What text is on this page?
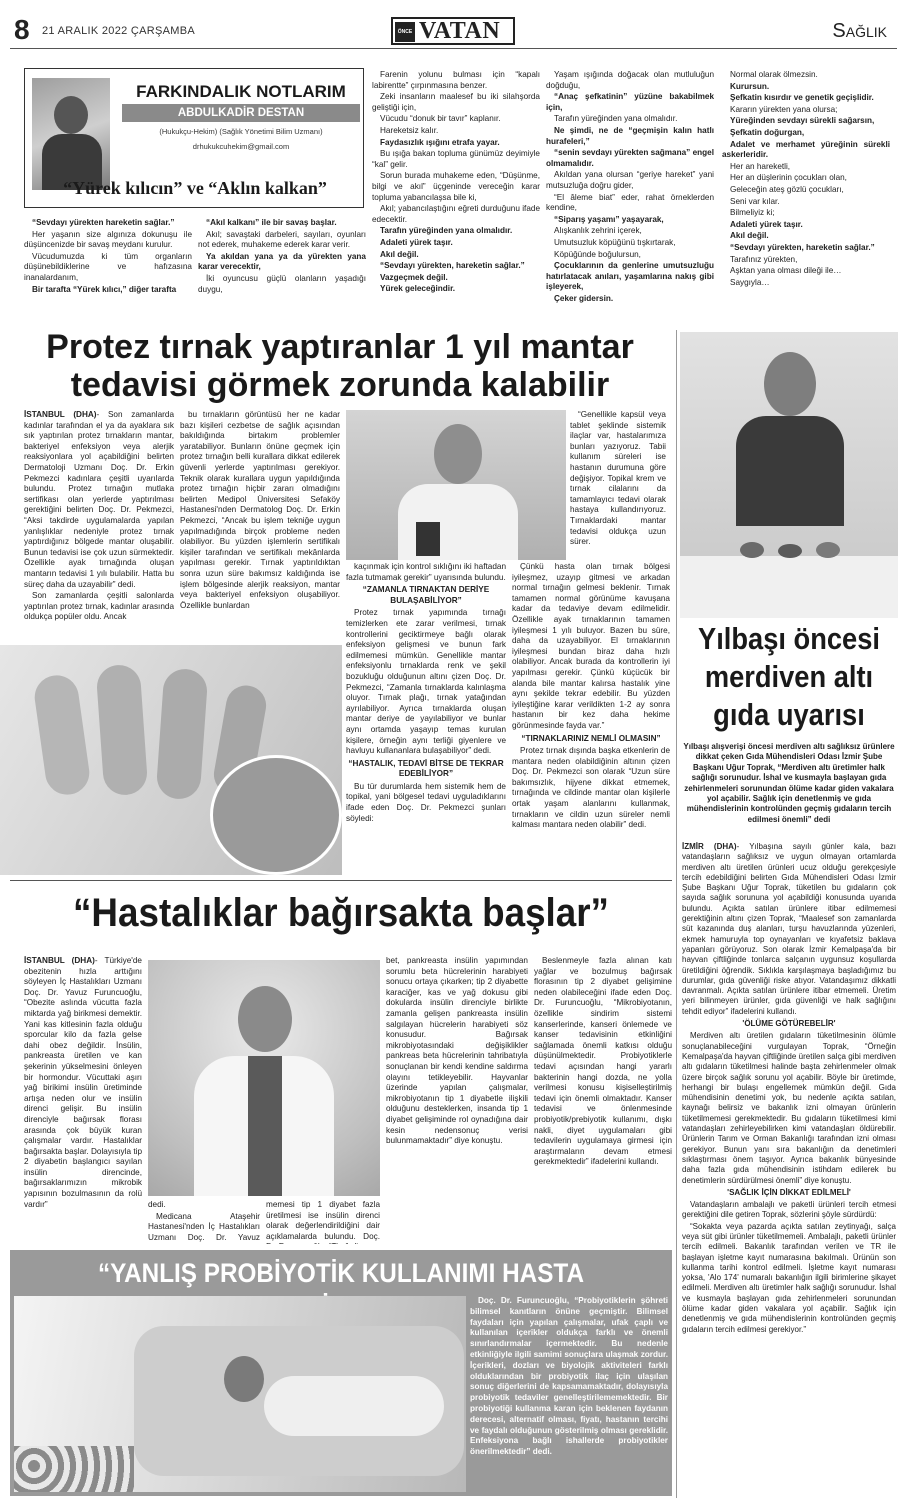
8 21 ARALIK 2022 ÇARŞAMBA	ÖNCE VATAN	Sağlık
FARKINDALIK NOTLARIM
ABDULKADİR DESTAN
(Hukukçu-Hekim) (Sağlık Yönetimi Bilim Uzmanı)
drhukukcuhekim@gmail.com
“Yürek kılıcın” ve “Aklın kalkan”

“Sevdayı yürekten hareketin sağlar.”

Her yaşanın size algınıza dokunuşu ile düşüncenizde bir savaş meydanı kurulur.

Vücudumuzda ki tüm organların düşünebildiklerine ve hafızasına inanalardanım,

Bir tarafta “Yürek kılıcı,” diğer tarafta

“Akıl kalkanı” ile bir savaş başlar.

Akıl; savaştaki darbeleri, sayıları, oyunları not ederek, muhakeme ederek karar verir.

Ya akıldan yana ya da yürekten yana karar verecektir,

İki oyuncusu güçlü olanların yaşadığı duygu,

Farenin yolunu bulması için “kapalı labirentte” çırpınmasına benzer.

Zeki insanların maalesef bu iki silahşorda geliştiği için,

Vücudu “donuk bir tavır” kaplanır.

Hareketsiz kalır.

Faydasızlık ışığını etrafa yayar.

Bu ışığa bakan topluma günümüz deyimiyle “kal” gelir.

Sorun burada muhakeme eden, “Düşünme, bilgi ve akıl” üçgeninde vereceğin karar topluma yabancılaşsa bile ki,

Akıl; yabancılaştığını eğreti durduğunu ifade edecektir.

Tarafın yüreğinden yana olmalıdır.

Adaleti yürek taşır.

Akıl değil.

“Sevdayı yürekten, hareketin sağlar.”

Vazgeçmek değil.

Yürek geleceğindir.

Yaşam ışığında doğacak olan mutluluğun doğduğu,

“Anaç şefkatinin” yüzüne bakabilmek için,

Tarafın yüreğinden yana olmalıdır.

Ne şimdi, ne de “geçmişin kalın hatlı hurafeleri,”

“senin sevdayı yürekten sağmana” engel olmamalıdır.

Akıldan yana olursan “geriye hareket” yani mutsuzluğa doğru gider,

“El âleme biat” eder, rahat örneklerden kendine,

“Siparış yaşamı” yaşayarak,

Alışkanlık zehrini içerek,

Umutsuzluk köpüğünü tışkırtarak,

Köpüğünde boğulursun,

Çocuklarının da genlerine umutsuzluğu hatırlatacak anıları, yaşamlarına nakış gibi işleyerek,

Çeker gidersin.

Normal olarak ölmezsin.

Kurursun.

Şefkatin kısırdır ve genetik geçişlidir.

Kararın yürekten yana olursa;

Yüreğinden sevdayı sürekli sağarsın,

Şefkatin doğurgan,

Adalet ve merhamet yüreğinin sürekli askerleridir.

Her an hareketli,

Her an düşlerinin çocukları olan,

Geleceğin ateş gözlü çocukları,

Seni var kılar.

Bilmeliyiz ki;

Adaleti yürek taşır.

Akıl değil.

“Sevdayı yürekten, hareketin sağlar.”

Tarafınız yürekten,

Aşktan yana olması dileği ile…

Saygıyla…

Protez tırnak yaptıranlar 1 yıl mantar
tedavisi görmek zorunda kalabilir

İSTANBUL (DHA)- Son zamanlarda kadınlar tarafından el ya da ayaklara sık sık yaptırılan protez tırnakların mantar, bakteriyel enfeksiyon veya alerjik reaksiyonlara yol açabildiğini belirten Dermatoloji Uzmanı Doç. Dr. Erkin Pekmezci kadınlara çeşitli uyarılarda bulundu. Protez tırnağın mutlaka sertifikası olan yerlerde yaptırılması gerektiğini belirten Doç. Dr. Pekmezci, “Aksi takdirde uygulamalarda yapılan yanlışlıklar nedeniyle protez tırnak yaptırdığınız bölgede mantar oluşabilir. Bunun tedavisi ise çok uzun sürmektedir. Özellikle ayak tırnağında oluşan mantarın tedavisi 1 yılı bulabilir. Hatta bu süreç daha da uzayabilir” dedi.

Son zamanlarda çeşitli salonlarda yaptırılan protez tırnak, kadınlar arasında oldukça popüler oldu. Ancak

bu tırnakların görüntüsü her ne kadar bazı kişileri cezbetse de sağlık açısından bakıldığında birtakım problemler yaratabiliyor. Bunların önüne geçmek için protez tırnağın belli kurallara dikkat edilerek güvenli yerlerde yaptırılması gerekiyor. Teknik olarak kurallara uygun yapıldığında protez tırnağın hiçbir zararı olmadığını belirten Medipol Üniversitesi Sefaköy Hastanesi'nden Dermatolog Doç. Dr. Erkin Pekmezci, “Ancak bu işlem tekniğe uygun yapılmadığında birçok probleme neden olabiliyor. Bu yüzden işlemlerin sertifikalı kişiler tarafından ve sertifikalı mekânlarda yapılması gerekir. Tırnak yaptırıldıktan sonra uzun süre bakımsız kaldığında ise işlem bölgesinde alerjik reaksiyon, mantar veya bakteriyel enfeksiyon oluşabiliyor. Özellikle bunlardan

kaçınmak için kontrol sıklığını iki haftadan fazla tutmamak gerekir” uyarısında bulundu.

“ZAMANLA TIRNAKTAN DERİYE BULAŞABİLİYOR”

Protez tırnak yapımında tırnağı temizlerken ete zarar verilmesi, tırnak kontrollerini geciktirmeye bağlı olarak enfeksiyon gelişmesi ve bunun fark edilmemesi mümkün. Genellikle mantar enfeksiyonlu tırnaklarda renk ve şekil bozukluğu olduğunun altını çizen Doç. Dr. Pekmezci, “Zamanla tırnaklarda kalınlaşma oluyor. Tırnak plağı, tırnak yatağından ayrılabiliyor. Ayrıca tırnaklarda oluşan mantar deriye de yayılabiliyor ve bunlar aynı ortamda yaşayıp temas kurulan kişilere, örneğin aynı terliği giyenlere ve havluyu kullananlara bulaşabiliyor” dedi.

“HASTALIK, TEDAVİ BİTSE DE TEKRAR EDEBİLİYOR”

Bu tür durumlarda hem sistemik hem de topikal, yani bölgesel tedavi uyguladıklarını ifade eden Doç. Dr. Pekmezci şunları söyledi:

“Genellikle kapsül veya tablet şeklinde sistemik ilaçlar var, hastalarımıza bunları yazıyoruz. Tabii kullanım süreleri ise hastanın durumuna göre değişiyor. Topikal krem ve tırnak cilalarını da tamamlayıcı tedavi olarak hastaya kullandırıyoruz. Tırnaklardaki mantar tedavisi oldukça uzun sürer.

Çünkü hasta olan tırnak bölgesi iyileşmez, uzayıp gitmesi ve arkadan normal tırnağın gelmesi beklenir. Tırnak tamamen normal görünüme kavuşana kadar da tedaviye devam edilmelidir. Özellikle ayak tırnaklarının tamamen iyileşmesi 1 yılı buluyor. Bazen bu süre, daha da uzayabiliyor. El tırnaklarının iyileşmesi bundan biraz daha hızlı olabiliyor. Ancak burada da kontrollerin iyi yapılması gerekir. Çünkü küçücük bir alanda bile mantar kalırsa hastalık yine aynı şekilde tekrar edebilir. Bu yüzden iyileştiğine karar verildikten 1-2 ay sonra hastanın bir kez daha hekime görünmesinde fayda var.”

“TIRNAKLARINIZ NEMLİ OLMASIN”

Protez tırnak dışında başka etkenlerin de mantara neden olabildiğinin altının çizen Doç. Dr. Pekmezci son olarak “Uzun süre bakımsızlık, hijyene dikkat etmemek, tırnağında ve cildinde mantar olan kişilerle ortak yaşam alanlarını kullanmak, tırnakların ve cildin uzun süreler nemli kalması mantara neden olabilir” dedi.

Yılbaşı öncesi
merdiven altı
gıda uyarısı

Yılbaşı alışverişi öncesi merdiven altı sağlıksız ürünlere dikkat çeken Gıda Mühendisleri Odası İzmir Şube Başkanı Uğur Toprak, “Merdiven altı üretimler halk sağlığı sorunudur. İshal ve kusmayla başlayan gıda zehirlenmeleri sorunundan ölüme kadar giden vakalara yol açabilir. Sağlık için denetlenmiş ve gıda mühendislerinin kontrolünden geçmiş gıdaların tercih edilmesi önemli” dedi

İZMİR (DHA)- Yılbaşına sayılı günler kala, bazı vatandaşların sağlıksız ve uygun olmayan ortamlarda merdiven altı üretilen ürünleri ucuz olduğu gerekçesiyle tercih edebildiğini belirten Gıda Mühendisleri Odası İzmir Şube Başkanı Uğur Toprak, tüketilen bu gıdaların çok sayıda sağlık sorununa yol açabildiği konusunda uyarıda bulundu. Açıkta satılan ürünlere itibar edilmemesi gerektiğinin altını çizen Toprak, “Maalesef son zamanlarda süt kazanında duş alanları, turşu havuzlarında yüzenleri, ekmek hamuruyla top oynayanları ve kıyafetsiz baklava yapanları görüyoruz. Son olarak İzmir Kemalpaşa'da bir hayvan çiftliğinde tonlarca salçanın uygunsuz koşullarda üretildiğini öğrendik. Sıklıkla karşılaşmaya başladığımız bu durumlar, gıda güvenliği riske atıyor. Vatandaşımız dikkatli davranmalı. Açıkta satılan ürünlere itibar etmemeli. Üretim yeri bilinmeyen ürünler, gıda güvenliği ve halk sağlığını tehdit ediyor” ifadelerini kullandı.

'ÖLÜME GÖTÜREBELİR'

Merdiven altı üretilen gıdaların tüketilmesinin ölümle sonuçlanabileceğini vurgulayan Toprak, “Örneğin Kemalpaşa'da hayvan çiftliğinde üretilen salça gibi merdiven altı gıdaların tüketilmesi halinde başta zehirlenmeler olmak üzere birçok sağlık sorunu yol açabilir. Böyle bir üretimde, herhangi bir bulaşı engellemek mümkün değil. Gıda mühendisinin denetimi yok, bu nedenle açıkta satılan, kaynağı belirsiz ve bakanlık izni olmayan ürünlerin tüketilmemesi gerekmektedir. Bu gıdaların tüketilmesi kimi vatandaşları zehirleyebilirken kimi vatandaşları öldürebilir. Ürünlerin Tarım ve Orman Bakanlığı tarafından izni olması gerekiyor. Bunun yanı sıra bakanlığın da denetimleri sıklaştırması önem taşıyor. Ayrıca bakanlık bünyesinde daha fazla gıda mühendisinin istihdam edilerek bu denetimlerin sürdürülmesi önemli” diye konuştu.

'SAĞLIK İÇİN DİKKAT EDİLMELİ'

Vatandaşların ambalajlı ve paketli ürünleri tercih etmesi gerektiğini dile getiren Toprak, sözlerini şöyle sürdürdü:

“Sokakta veya pazarda açıkta satılan zeytinyağı, salça veya süt gibi ürünler tüketilmemeli. Ambalajlı, paketli ürünler tercih edilmeli. Bakanlık tarafından verilen ve TR ile başlayan işletme kayıt numarasına bakılmalı. Ürünün son kullanma tarihi kontrol edilmeli. İşletme kayıt numarası yoksa, 'Alo 174' numaralı bakanlığın ilgili birimlerine şikayet edilmeli. Merdiven altı üretimler halk sağlığı sorunudur. İshal ve kusmayla başlayan gıda zehirlenmeleri sorunundan ölüme kadar giden vakalara yol açabilir. Sağlık için denetlenmiş ve gıda mühendislerinin kontrolünden geçmiş gıdaların tercih edilmesi gerekiyor.”

“Hastalıklar bağırsakta başlar”

İSTANBUL (DHA)- Türkiye'de obezitenin hızla arttığını söyleyen İç Hastalıkları Uzmanı Doç. Dr. Yavuz Furuncuoğlu, “Obezite aslında vücutta fazla miktarda yağ birikmesi demektir. Yani kas kitlesinin fazla olduğu sporcular kilo da fazla gelse dahi obez değildir. İnsülin, pankreasta üretilen ve kan şekerinin yükselmesini önleyen bir hormondur. Vücuttaki aşırı yağ birikimi insülin üretiminde artışa neden olur ve insülin direnci gelişir. Bu insülin direnciyle bağırsak florası arasında çok büyük kuran çalışmalar vardır. Hastalıklar bağırsakta başlar. Dolayısıyla tip 2 diyabetin başlangıcı sayılan insülin direncinde, bağırsaklarımızın mikrobik yapısının bozulmasının da rolü vardır”	dedi.

Medicana Ataşehir Hastanesi'nden İç Hastalıkları Uzmanı Doç. Dr. Yavuz

memesi tip 1 diyabet fazla üretilmesi ise insülin direnci olarak değerlendirildiğini dair açıklamalarda bulundu. Doç.

bet, pankreasta insülin yapımından sorumlu beta hücrelerinin harabiyeti sonucu ortaya çıkarken; tip 2 diyabette karaciğer, kas ve yağ dokusu gibi dokularda insülin direnciyle birlikte zamanla gelişen pankreasta insülin salgılayan hücrelerin harabiyeti söz konusudur. Bağırsak mikrobiyotasındaki değişiklikler pankreas beta hücrelerinin tahribatıyla sonuçlanan bir kendi kendine saldırma olayını tetikleyebilir. Hayvanlar üzerinde yapılan çalışmalar, mikrobiyotanın tip 1 diyabetle ilişkili olduğunu desteklerken, insanda tip 1 diyabet gelişiminde rol oynadığına dair kesin nedensonuç verisi bulunmamaktadır” diye konuştu.

Beslenmeyle fazla alınan katı yağlar ve bozulmuş bağırsak florasının tip 2 diyabet gelişimine neden olabileceğini ifade eden Doç. Dr. Furuncuoğlu, “Mikrobiyotanın, özellikle sindirim sistemi kanserlerinde, kanseri önlemede ve kanser tedavisinin etkinliğini sağlamada önemli katkısı olduğu düşünülmektedir. Probiyotiklerle tedavi açısından hangi yararlı bakterinin hangi dozda, ne yolla verilmesi konusu kişiselleştirilmiş tedavi için önemli olmaktadır. Kanser tedavisi ve önlenmesinde probiyotik/prebiyotik kullanımı, dışkı nakli, diyet uygulamaları gibi tedavilerin uygulamaya girmesi için araştırmaların devam etmesi gerekmektedir” ifadelerini kullandı.

“YANLIŞ PROBİYOTİK KULLANIMI HASTA

Doç. Dr. Furuncuoğlu, “Probiyotiklerin şöhreti bilimsel kanıtların önüne geçmiştir. Bilimsel faydaları için yapılan çalışmalar, ufak çaplı ve kullanılan içerikler oldukça farklı ve önemli sınırlandırmalar içermektedir. Bu nedenle etkinliğiyle ilgili samimi sonuçlara ulaşmak zordur. İçerikleri, dozları ve biyolojik aktiviteleri farklı olduklarından bir probiyotik ilaç için ulaşılan sonuç diğerlerini de kapsamamaktadır, dolayısıyla probiyotik tedaviler genelleştirilememektedir. Bir probiyotiği kullanma karan için beklenen faydanın derecesi, alternatif olması, fiyatı, hastanın tercihi ve faydalı olduğunun gösterilmiş olması gereklidir. Enfeksiyona bağlı ishallerde probiyotikler önerilmektedir” dedi.
